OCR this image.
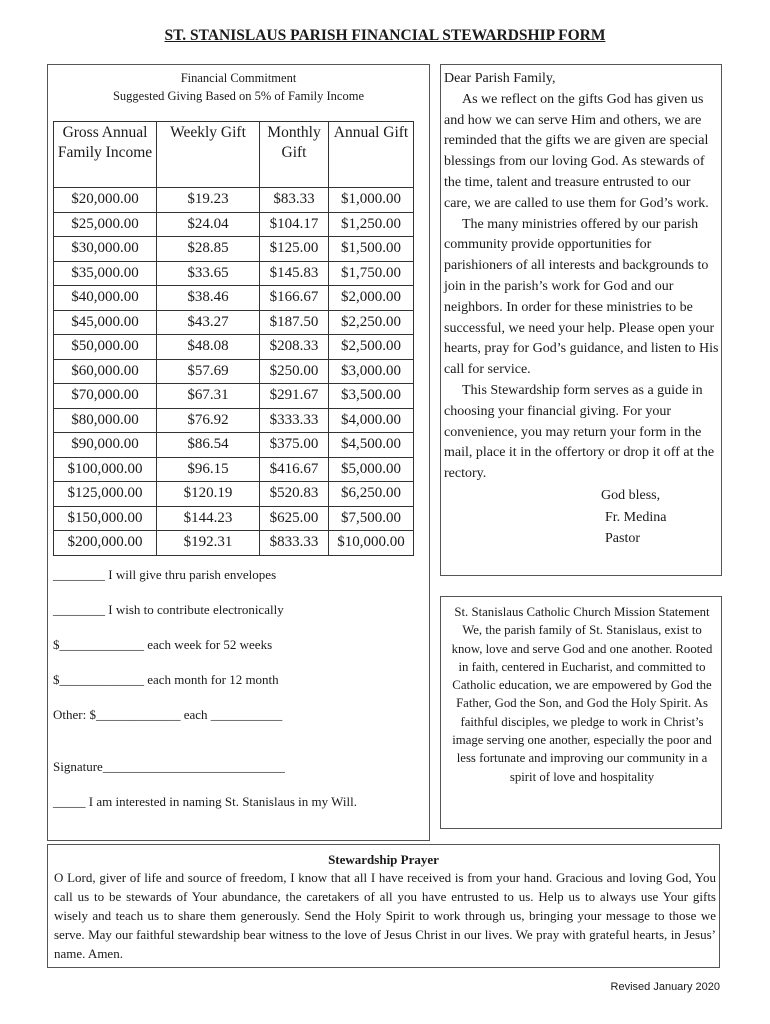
ST. STANISLAUS PARISH FINANCIAL STEWARDSHIP FORM
Financial Commitment
Suggested Giving Based on 5% of Family Income
Gross Annual Family Income	Weekly Gift	Monthly Gift	Annual Gift
$20,000.00	$19.23	$83.33	$1,000.00
$25,000.00	$24.04	$104.17	$1,250.00
$30,000.00	$28.85	$125.00	$1,500.00
$35,000.00	$33.65	$145.83	$1,750.00
$40,000.00	$38.46	$166.67	$2,000.00
$45,000.00	$43.27	$187.50	$2,250.00
$50,000.00	$48.08	$208.33	$2,500.00
$60,000.00	$57.69	$250.00	$3,000.00
$70,000.00	$67.31	$291.67	$3,500.00
$80,000.00	$76.92	$333.33	$4,000.00
$90,000.00	$86.54	$375.00	$4,500.00
$100,000.00	$96.15	$416.67	$5,000.00
$125,000.00	$120.19	$520.83	$6,250.00
$150,000.00	$144.23	$625.00	$7,500.00
$200,000.00	$192.31	$833.33	$10,000.00
________ I will give thru parish envelopes
________ I wish to contribute electronically
$_____________ each week for 52 weeks
$_____________ each month for 12 month
Other: $_____________ each ___________
Signature____________________________
_____ I am interested in naming St. Stanislaus in my Will.

Dear Parish Family,

As we reflect on the gifts God has given us and how we can serve Him and others, we are reminded that the gifts we are given are special blessings from our loving God. As stewards of the time, talent and treasure entrusted to our care, we are called to use them for God’s work.

The many ministries offered by our parish community provide opportunities for parishioners of all interests and backgrounds to join in the parish’s work for God and our neighbors. In order for these ministries to be successful, we need your help. Please open your hearts, pray for God’s guidance, and listen to His call for service.

This Stewardship form serves as a guide in choosing your financial giving. For your convenience, you may return your form in the mail, place it in the offertory or drop it off at the rectory.

God bless,
Fr. Medina
Pastor

St. Stanislaus Catholic Church Mission Statement

We, the parish family of St. Stanislaus, exist to know, love and serve God and one another. Rooted in faith, centered in Eucharist, and committed to Catholic education, we are empowered by God the Father, God the Son, and God the Holy Spirit. As faithful disciples, we pledge to work in Christ’s image serving one another, especially the poor and less fortunate and improving our community in a spirit of love and hospitality

Stewardship Prayer
O Lord, giver of life and source of freedom, I know that all I have received is from your hand. Gracious and loving God, You call us to be stewards of Your abundance, the caretakers of all you have entrusted to us. Help us to always use Your gifts wisely and teach us to share them generously. Send the Holy Spirit to work through us, bringing your message to those we serve. May our faithful stewardship bear witness to the love of Jesus Christ in our lives. We pray with grateful hearts, in Jesus’ name. Amen.
Revised January 2020
